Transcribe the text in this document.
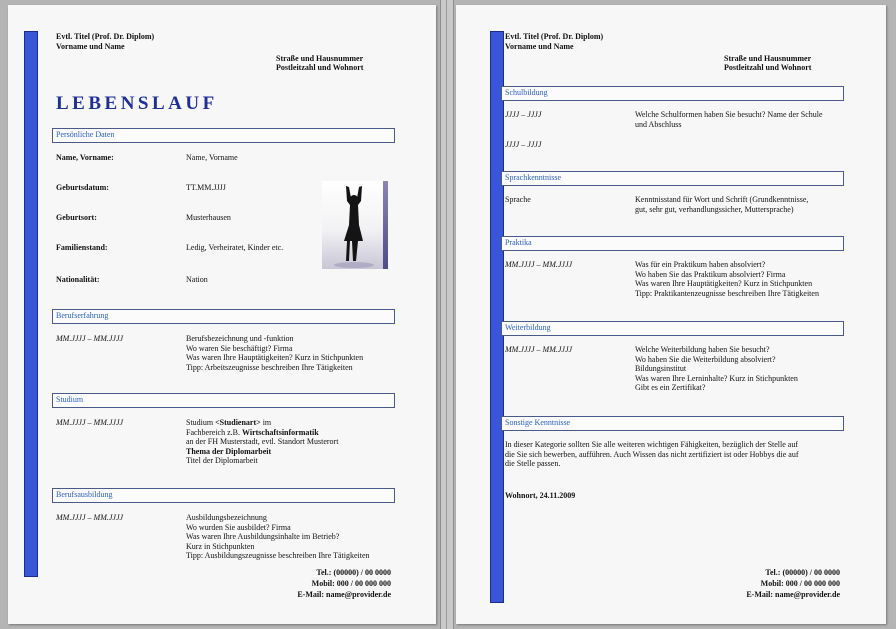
Evtl. Titel (Prof. Dr. Diplom)
Vorname und Name
Straße und Hausnummer
Postleitzahl und Wohnort
LEBENSLAUF
Persönliche Daten
Name, Vorname:	Name, Vorname
Geburtsdatum:	TT.MM.JJJJ
Geburtsort:	Musterhausen
Familienstand:	Ledig, Verheiratet, Kinder etc.
Nationalität:	Nation
Berufserfahrung
MM.JJJJ – MM.JJJJ	Berufsbezeichnung und -funktion
Wo waren Sie beschäftigt? Firma
Was waren Ihre Hauptätigkeiten? Kurz in Stichpunkten
Tipp: Arbeitszeugnisse beschreiben Ihre Tätigkeiten
Studium
MM.JJJJ – MM.JJJJ	Studium <Studienart> im
Fachbereich z.B. Wirtschaftsinformatik
an der FH Musterstadt, evtl. Standort Musterort
Thema der Diplomarbeit
Titel der Diplomarbeit
Berufsausbildung
MM.JJJJ – MM.JJJJ	Ausbildungsbezeichnung
Wo wurden Sie ausbildet? Firma
Was waren Ihre Ausbildungsinhalte im Betrieb?
Kurz in Stichpunkten
Tipp: Ausbildungszeugnisse beschreiben Ihre Tätigkeiten
Tel.: (00000) / 00 0000
Mobil: 000 / 00 000 000
E-Mail: name@provider.de
Evtl. Titel (Prof. Dr. Diplom)
Vorname und Name
Straße und Hausnummer
Postleitzahl und Wohnort
Schulbildung
JJJJ – JJJJ	Welche Schulformen haben Sie besucht? Name der Schule
und Abschluss
JJJJ – JJJJ
Sprachkenntnisse
Sprache	Kenntnisstand für Wort und Schrift (Grundkenntnisse,
gut, sehr gut, verhandlungssicher, Muttersprache)
Praktika
MM.JJJJ – MM.JJJJ	Was für ein Praktikum haben absolviert?
Wo haben Sie das Praktikum absolviert? Firma
Was waren Ihre Hauptätigkeiten? Kurz in Stichpunkten
Tipp: Praktikantenzeugnisse beschreiben Ihre Tätigkeiten
Weiterbildung
MM.JJJJ – MM.JJJJ	Welche Weiterbildung haben Sie besucht?
Wo haben Sie die Weiterbildung absolviert?
Bildungsinstitut
Was waren Ihre Lerninhalte? Kurz in Stichpunkten
Gibt es ein Zertifikat?
Sonstige Kenntnisse
In dieser Kategorie sollten Sie alle weiteren wichtigen Fähigkeiten, bezüglich der Stelle auf
die Sie sich bewerben, aufführen. Auch Wissen das nicht zertifiziert ist oder Hobbys die auf
die Stelle passen.
Wohnort, 24.11.2009
Tel.: (00000) / 00 0000
Mobil: 000 / 00 000 000
E-Mail: name@provider.de
